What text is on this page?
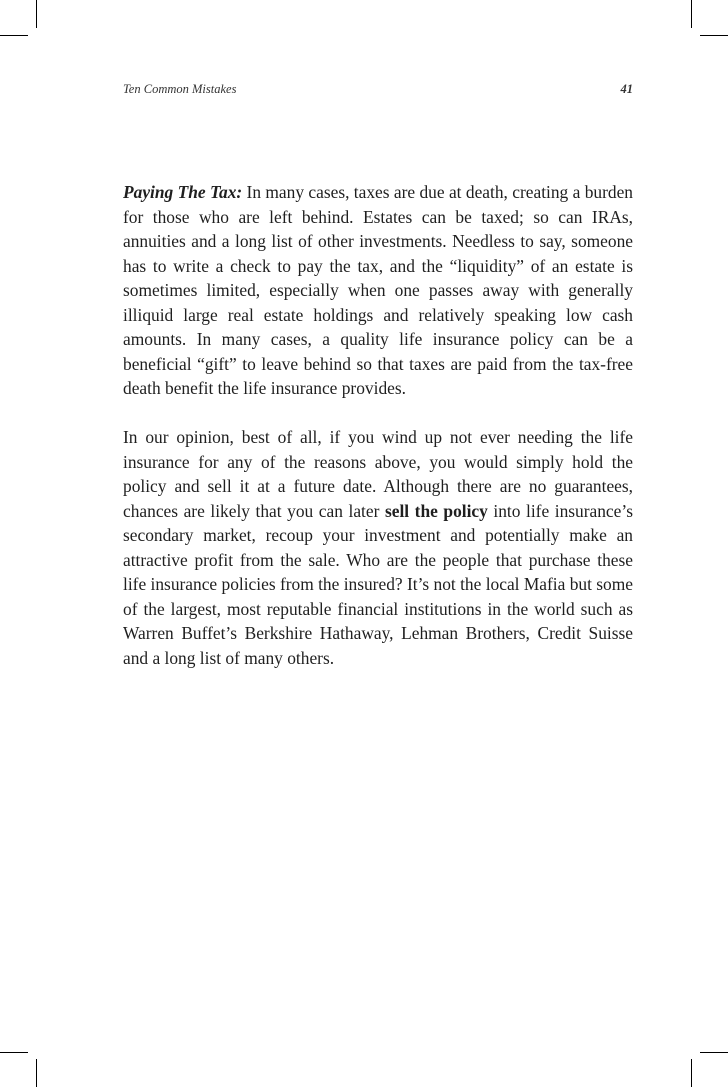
Ten Common Mistakes	41

Paying The Tax: In many cases, taxes are due at death, creating a burden for those who are left behind. Estates can be taxed; so can IRAs, annuities and a long list of other investments. Needless to say, someone has to write a check to pay the tax, and the “liquidity” of an estate is sometimes limited, especially when one passes away with generally illiquid large real estate holdings and relatively speaking low cash amounts. In many cases, a quality life insurance policy can be a beneficial “gift” to leave behind so that taxes are paid from the tax-free death benefit the life insurance provides.

In our opinion, best of all, if you wind up not ever needing the life insurance for any of the reasons above, you would simply hold the policy and sell it at a future date. Although there are no guarantees, chances are likely that you can later sell the policy into life insurance’s secondary market, recoup your investment and potentially make an attractive profit from the sale. Who are the people that purchase these life insurance policies from the insured? It’s not the local Mafia but some of the largest, most reputable financial institutions in the world such as Warren Buffet’s Berkshire Hathaway, Lehman Brothers, Credit Suisse and a long list of many others.
